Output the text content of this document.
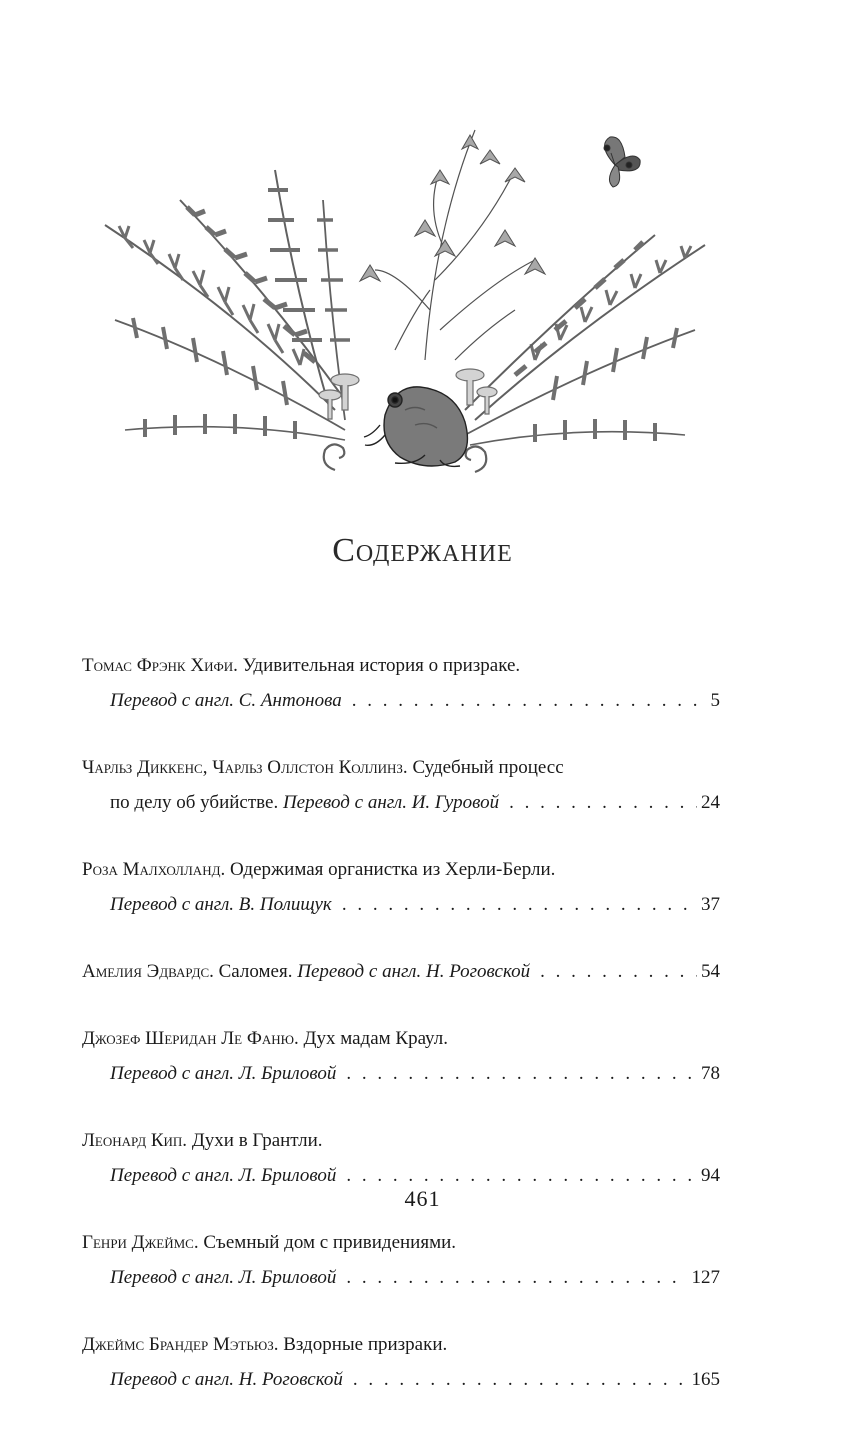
Содержание
Томас Фрэнк Хифи. Удивительная история о призраке.
Перевод с англ. С. Антонова . . .	5
Чарльз Диккенс, Чарльз Оллстон Коллинз. Судебный процесс
по делу об убийстве.
Перевод с англ. И. Гуровой . . .	24
Роза Малхолланд. Одержимая органистка из Херли-Берли.
Перевод с англ. В. Полищук . . .	37
Амелия Эдвардс.
Саломея.
Перевод с англ. Н. Роговской . . .	54
Джозеф Шеридан Ле Фаню. Дух мадам Краул.
Перевод с англ. Л. Бриловой . . .	78
Леонард Кип. Духи в Грантли.
Перевод с англ. Л. Бриловой . . .	94
Генри Джеймс. Съемный дом с привидениями.
Перевод с англ. Л. Бриловой . . .	127
Джеймс Брандер Мэтьюз. Вздорные призраки.
Перевод с англ. Н. Роговской . . .	165
461
